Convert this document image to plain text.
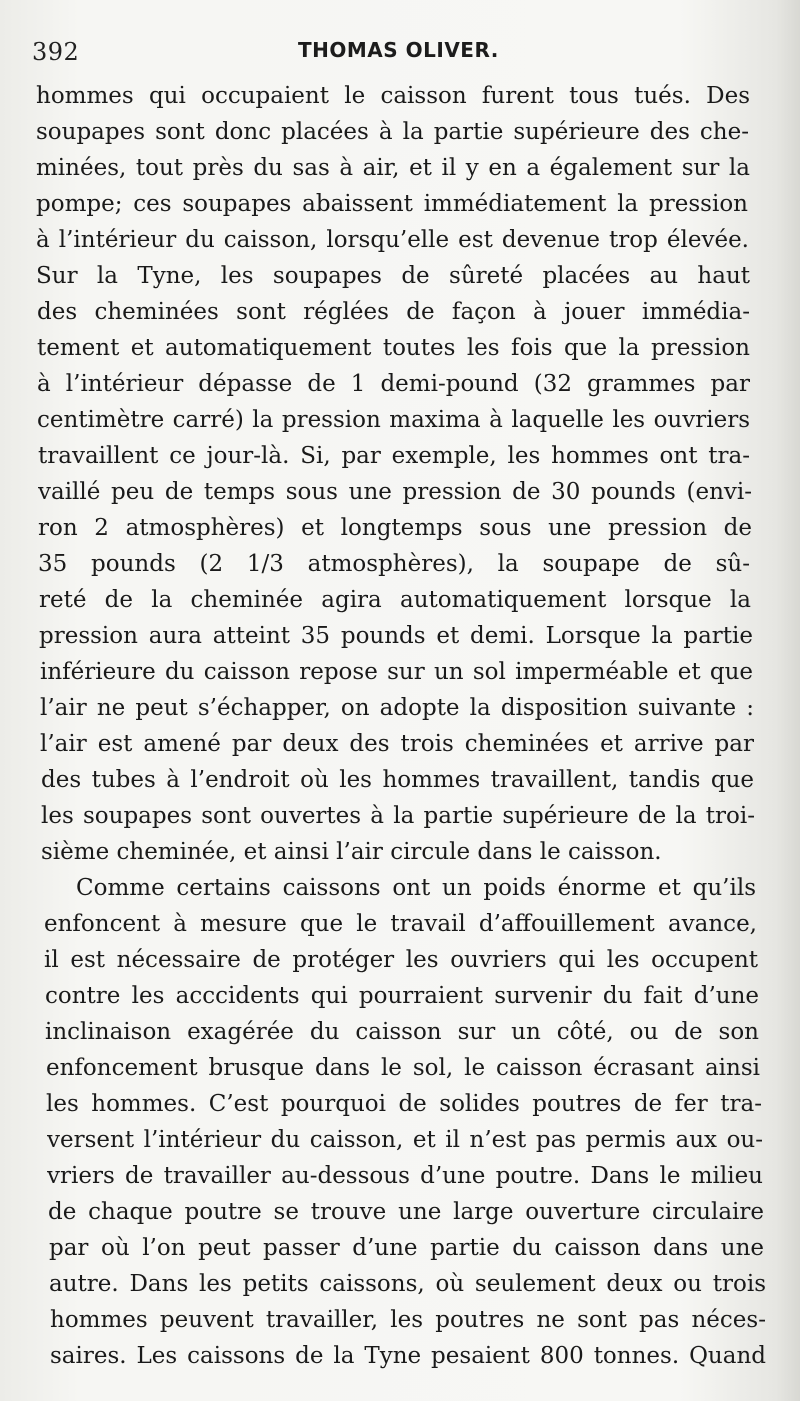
392	THOMAS OLIVER.
hommes qui occupaient le caisson furent tous tués. Des
soupapes sont donc placées à la partie supérieure des che-
minées, tout près du sas à air, et il y en a également sur la
pompe; ces soupapes abaissent immédiatement la pression
à l’intérieur du caisson, lorsqu’elle est devenue trop élevée.
Sur la Tyne, les soupapes de sûreté placées au haut
des cheminées sont réglées de façon à jouer immédia-
tement et automatiquement toutes les fois que la pression
à l’intérieur dépasse de 1 demi-pound (32 grammes par
centimètre carré) la pression maxima à laquelle les ouvriers
travaillent ce jour-là. Si, par exemple, les hommes ont tra-
vaillé peu de temps sous une pression de 30 pounds (envi-
ron 2 atmosphères) et longtemps sous une pression de
35 pounds (2 1/3 atmosphères), la soupape de sû-
reté de la cheminée agira automatiquement lorsque la
pression aura atteint 35 pounds et demi. Lorsque la partie
inférieure du caisson repose sur un sol imperméable et que
l’air ne peut s’échapper, on adopte la disposition suivante :
l’air est amené par deux des trois cheminées et arrive par
des tubes à l’endroit où les hommes travaillent, tandis que
les soupapes sont ouvertes à la partie supérieure de la troi-
sième cheminée, et ainsi l’air circule dans le caisson.
Comme certains caissons ont un poids énorme et qu’ils
enfoncent à mesure que le travail d’affouillement avance,
il est nécessaire de protéger les ouvriers qui les occupent
contre les acccidents qui pourraient survenir du fait d’une
inclinaison exagérée du caisson sur un côté, ou de son
enfoncement brusque dans le sol, le caisson écrasant ainsi
les hommes. C’est pourquoi de solides poutres de fer tra-
versent l’intérieur du caisson, et il n’est pas permis aux ou-
vriers de travailler au-dessous d’une poutre. Dans le milieu
de chaque poutre se trouve une large ouverture circulaire
par où l’on peut passer d’une partie du caisson dans une
autre. Dans les petits caissons, où seulement deux ou trois
hommes peuvent travailler, les poutres ne sont pas néces-
saires. Les caissons de la Tyne pesaient 800 tonnes. Quand
